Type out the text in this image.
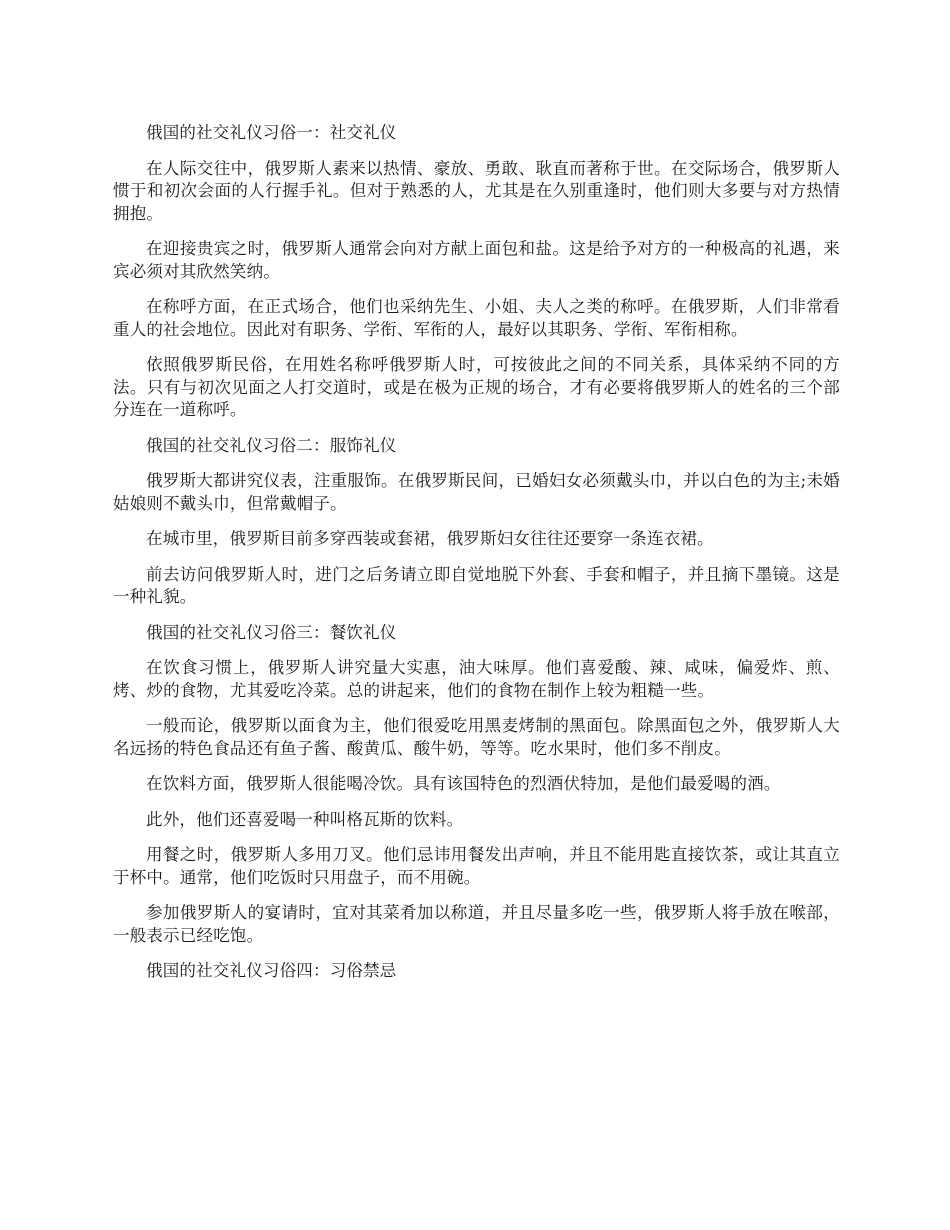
俄国的社交礼仪习俗一：社交礼仪

在人际交往中，俄罗斯人素来以热情、豪放、勇敢、耿直而著称于世。在交际场合，俄罗斯人惯于和初次会面的人行握手礼。但对于熟悉的人，尤其是在久别重逢时，他们则大多要与对方热情拥抱。

在迎接贵宾之时，俄罗斯人通常会向对方献上面包和盐。这是给予对方的一种极高的礼遇，来宾必须对其欣然笑纳。

在称呼方面，在正式场合，他们也采纳先生、小姐、夫人之类的称呼。在俄罗斯，人们非常看重人的社会地位。因此对有职务、学衔、军衔的人，最好以其职务、学衔、军衔相称。

依照俄罗斯民俗，在用姓名称呼俄罗斯人时，可按彼此之间的不同关系，具体采纳不同的方法。只有与初次见面之人打交道时，或是在极为正规的场合，才有必要将俄罗斯人的姓名的三个部分连在一道称呼。

俄国的社交礼仪习俗二：服饰礼仪

俄罗斯大都讲究仪表，注重服饰。在俄罗斯民间，已婚妇女必须戴头巾，并以白色的为主;未婚姑娘则不戴头巾，但常戴帽子。

在城市里，俄罗斯目前多穿西装或套裙，俄罗斯妇女往往还要穿一条连衣裙。

前去访问俄罗斯人时，进门之后务请立即自觉地脱下外套、手套和帽子，并且摘下墨镜。这是一种礼貌。

俄国的社交礼仪习俗三：餐饮礼仪

在饮食习惯上，俄罗斯人讲究量大实惠，油大味厚。他们喜爱酸、辣、咸味，偏爱炸、煎、烤、炒的食物，尤其爱吃冷菜。总的讲起来，他们的食物在制作上较为粗糙一些。

一般而论，俄罗斯以面食为主，他们很爱吃用黑麦烤制的黑面包。除黑面包之外，俄罗斯人大名远扬的特色食品还有鱼子酱、酸黄瓜、酸牛奶，等等。吃水果时，他们多不削皮。

在饮料方面，俄罗斯人很能喝冷饮。具有该国特色的烈酒伏特加，是他们最爱喝的酒。

此外，他们还喜爱喝一种叫格瓦斯的饮料。

用餐之时，俄罗斯人多用刀叉。他们忌讳用餐发出声响，并且不能用匙直接饮茶，或让其直立于杯中。通常，他们吃饭时只用盘子，而不用碗。

参加俄罗斯人的宴请时，宜对其菜肴加以称道，并且尽量多吃一些，俄罗斯人将手放在喉部，一般表示已经吃饱。

俄国的社交礼仪习俗四：习俗禁忌
